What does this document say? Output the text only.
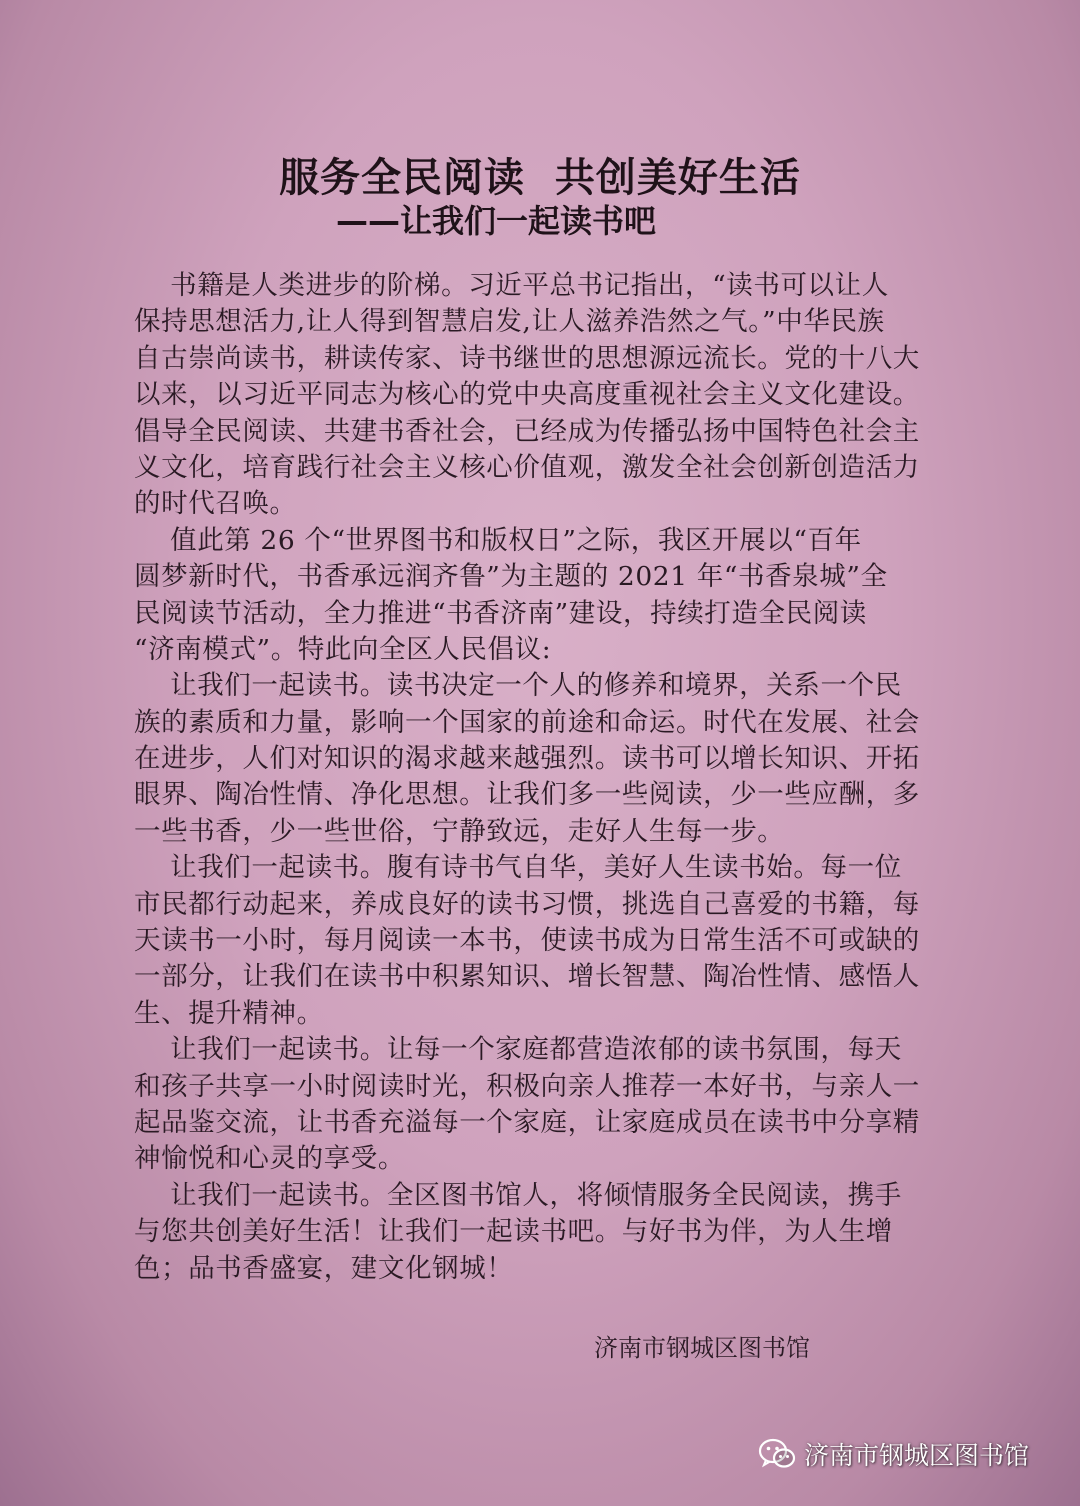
服务全民阅读  共创美好生活
——让我们一起读书吧
书籍是人类进步的阶梯。习近平总书记指出，“读书可以让人
保持思想活力,让人得到智慧启发,让人滋养浩然之气。”中华民族
自古崇尚读书，耕读传家、诗书继世的思想源远流长。党的十八大
以来，以习近平同志为核心的党中央高度重视社会主义文化建设。
倡导全民阅读、共建书香社会，已经成为传播弘扬中国特色社会主
义文化，培育践行社会主义核心价值观，激发全社会创新创造活力
的时代召唤。
值此第 26 个“世界图书和版权日”之际，我区开展以“百年
圆梦新时代，书香承远润齐鲁”为主题的 2021 年“书香泉城”全
民阅读节活动，全力推进“书香济南”建设，持续打造全民阅读
“济南模式”。特此向全区人民倡议:
让我们一起读书。读书决定一个人的修养和境界，关系一个民
族的素质和力量，影响一个国家的前途和命运。时代在发展、社会
在进步，人们对知识的渴求越来越强烈。读书可以增长知识、开拓
眼界、陶冶性情、净化思想。让我们多一些阅读，少一些应酬，多
一些书香，少一些世俗，宁静致远，走好人生每一步。
让我们一起读书。腹有诗书气自华，美好人生读书始。每一位
市民都行动起来，养成良好的读书习惯，挑选自己喜爱的书籍，每
天读书一小时，每月阅读一本书，使读书成为日常生活不可或缺的
一部分，让我们在读书中积累知识、增长智慧、陶冶性情、感悟人
生、提升精神。
让我们一起读书。让每一个家庭都营造浓郁的读书氛围，每天
和孩子共享一小时阅读时光，积极向亲人推荐一本好书，与亲人一
起品鉴交流，让书香充溢每一个家庭，让家庭成员在读书中分享精
神愉悦和心灵的享受。
让我们一起读书。全区图书馆人，将倾情服务全民阅读，携手
与您共创美好生活！让我们一起读书吧。与好书为伴，为人生增
色；品书香盛宴，建文化钢城！
济南市钢城区图书馆
济南市钢城区图书馆
